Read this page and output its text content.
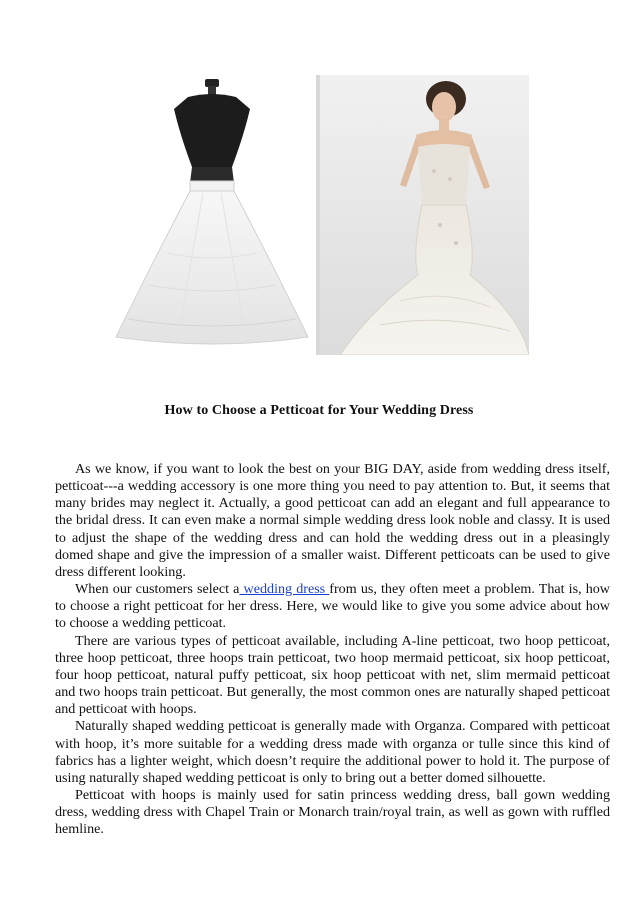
How to Choose a Petticoat for Your Wedding Dress

As we know, if you want to look the best on your BIG DAY, aside from wedding dress itself, petticoat---a wedding accessory is one more thing you need to pay attention to. But, it seems that many brides may neglect it. Actually, a good petticoat can add an elegant and full appearance to the bridal dress. It can even make a normal simple wedding dress look noble and classy. It is used to adjust the shape of the wedding dress and can hold the wedding dress out in a pleasingly domed shape and give the impression of a smaller waist. Different petticoats can be used to give dress different looking.

When our customers select a wedding dress from us, they often meet a problem. That is, how to choose a right petticoat for her dress. Here, we would like to give you some advice about how to choose a wedding petticoat.

There are various types of petticoat available, including A-line petticoat, two hoop petticoat, three hoop petticoat, three hoops train petticoat, two hoop mermaid petticoat, six hoop petticoat, four hoop petticoat, natural puffy petticoat, six hoop petticoat with net, slim mermaid petticoat and two hoops train petticoat. But generally, the most common ones are naturally shaped petticoat and petticoat with hoops.

Naturally shaped wedding petticoat is generally made with Organza. Compared with petticoat with hoop, it’s more suitable for a wedding dress made with organza or tulle since this kind of fabrics has a lighter weight, which doesn’t require the additional power to hold it. The purpose of using naturally shaped wedding petticoat is only to bring out a better domed silhouette.

Petticoat with hoops is mainly used for satin princess wedding dress, ball gown wedding dress, wedding dress with Chapel Train or Monarch train/royal train, as well as gown with ruffled hemline.
